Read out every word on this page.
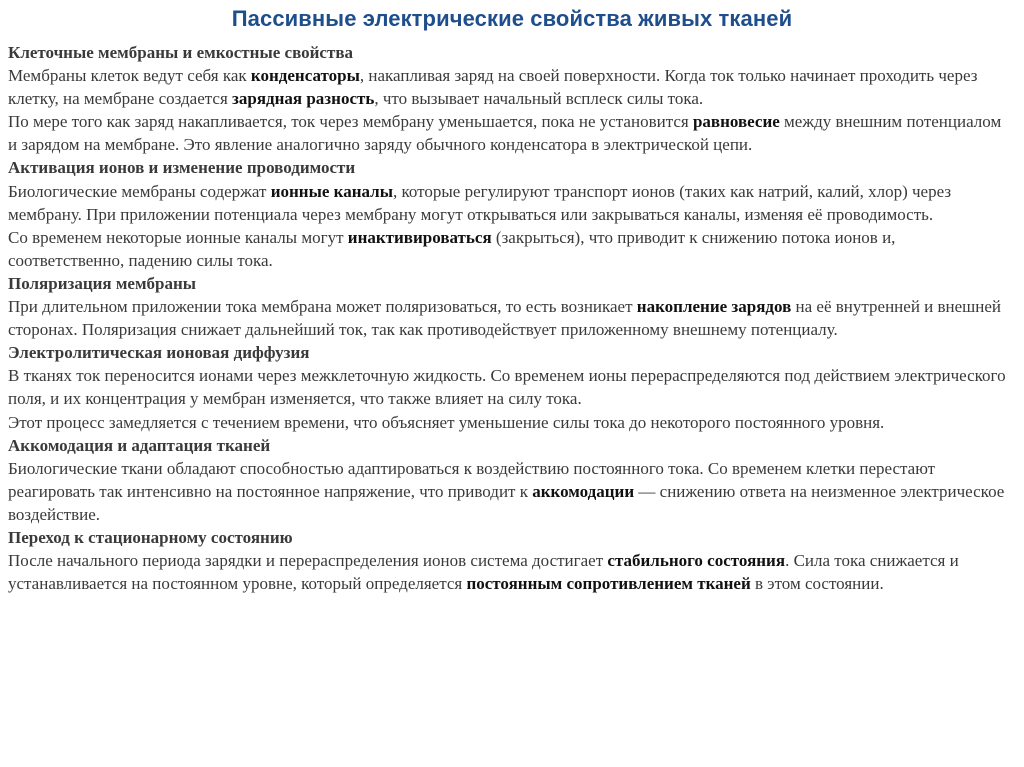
Пассивные электрические свойства живых тканей

Клеточные мембраны и емкостные свойства

Мембраны клеток ведут себя как конденсаторы, накапливая заряд на своей поверхности. Когда ток только начинает проходить через клетку, на мембране создается зарядная разность, что вызывает начальный всплеск силы тока.

По мере того как заряд накапливается, ток через мембрану уменьшается, пока не установится равновесие между внешним потенциалом и зарядом на мембране. Это явление аналогично заряду обычного конденсатора в электрической цепи.

Активация ионов и изменение проводимости

Биологические мембраны содержат ионные каналы, которые регулируют транспорт ионов (таких как натрий, калий, хлор) через мембрану. При приложении потенциала через мембрану могут открываться или закрываться каналы, изменяя её проводимость.

Со временем некоторые ионные каналы могут инактивироваться (закрыться), что приводит к снижению потока ионов и, соответственно, падению силы тока.

Поляризация мембраны

При длительном приложении тока мембрана может поляризоваться, то есть возникает накопление зарядов на её внутренней и внешней сторонах. Поляризация снижает дальнейший ток, так как противодействует приложенному внешнему потенциалу.

Электролитическая ионовая диффузия

В тканях ток переносится ионами через межклеточную жидкость. Со временем ионы перераспределяются под действием электрического поля, и их концентрация у мембран изменяется, что также влияет на силу тока.

Этот процесс замедляется с течением времени, что объясняет уменьшение силы тока до некоторого постоянного уровня.

Аккомодация и адаптация тканей

Биологические ткани обладают способностью адаптироваться к воздействию постоянного тока. Со временем клетки перестают реагировать так интенсивно на постоянное напряжение, что приводит к аккомодации — снижению ответа на неизменное электрическое воздействие.

Переход к стационарному состоянию

После начального периода зарядки и перераспределения ионов система достигает стабильного состояния. Сила тока снижается и устанавливается на постоянном уровне, который определяется постоянным сопротивлением тканей в этом состоянии.
